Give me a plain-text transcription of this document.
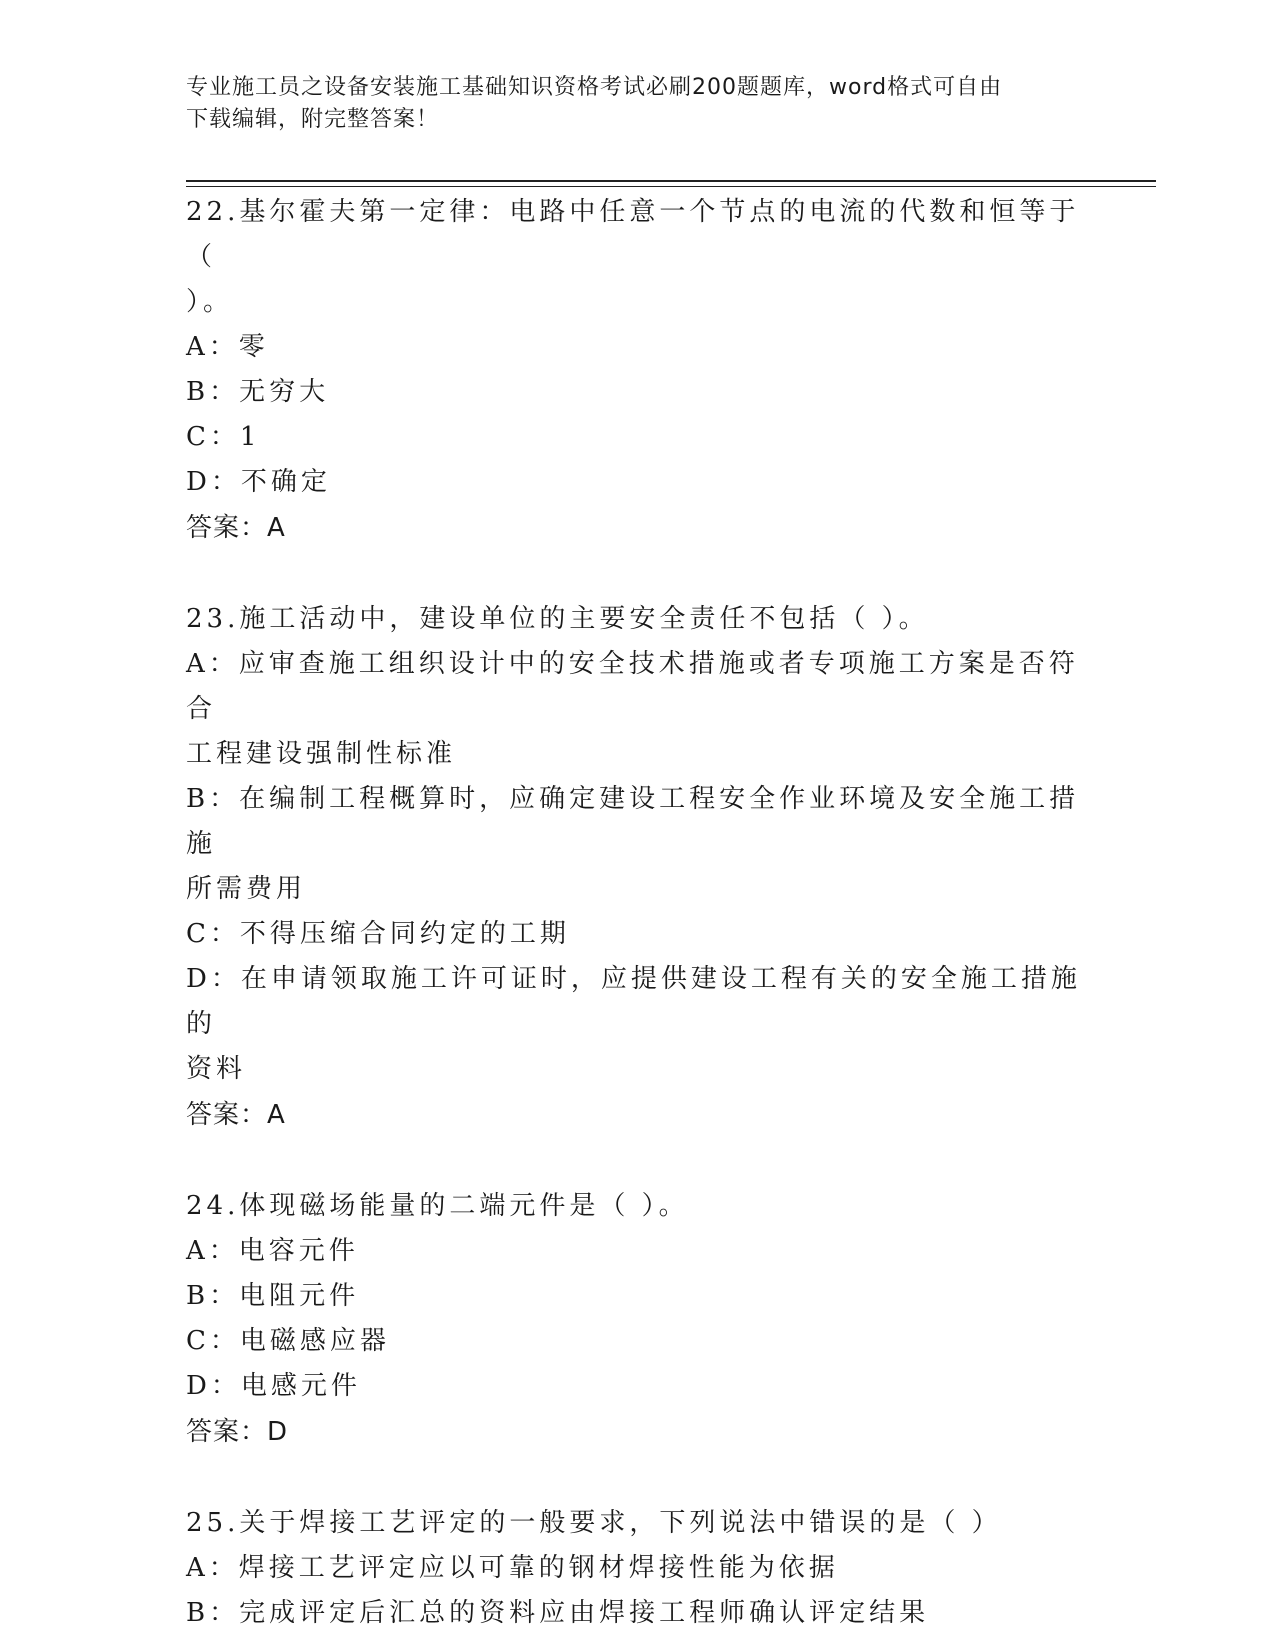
专业施工员之设备安装施工基础知识资格考试必刷200题题库，word格式可自由
下载编辑，附完整答案！
22.基尔霍夫第一定律：电路中任意一个节点的电流的代数和恒等于（
）。
A：零
B：无穷大
C：1
D：不确定
答案：A
23.施工活动中，建设单位的主要安全责任不包括（ ）。
A：应审查施工组织设计中的安全技术措施或者专项施工方案是否符合
工程建设强制性标准
B：在编制工程概算时，应确定建设工程安全作业环境及安全施工措施
所需费用
C：不得压缩合同约定的工期
D：在申请领取施工许可证时，应提供建设工程有关的安全施工措施的
资料
答案：A
24.体现磁场能量的二端元件是（ ）。
A：电容元件
B：电阻元件
C：电磁感应器
D：电感元件
答案：D
25.关于焊接工艺评定的一般要求，下列说法中错误的是（ ）
A：焊接工艺评定应以可靠的钢材焊接性能为依据
B：完成评定后汇总的资料应由焊接工程师确认评定结果
